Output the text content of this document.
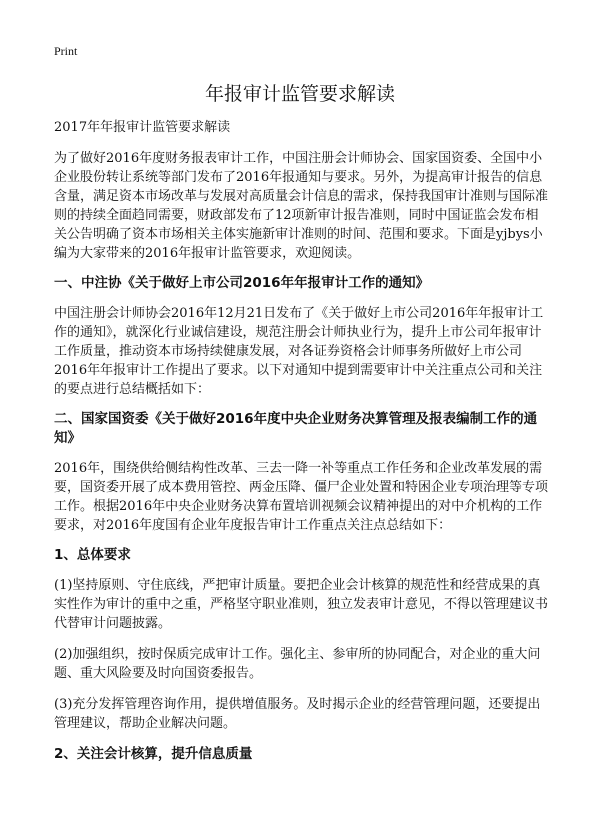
Print
年报审计监管要求解读

2017年年报审计监管要求解读

为了做好2016年度财务报表审计工作，中国注册会计师协会、国家国资委、全国中小企业股份转让系统等部门发布了2016年报通知与要求。另外，为提高审计报告的信息含量，满足资本市场改革与发展对高质量会计信息的需求，保持我国审计准则与国际准则的持续全面趋同需要，财政部发布了12项新审计报告准则，同时中国证监会发布相关公告明确了资本市场相关主体实施新审计准则的时间、范围和要求。下面是yjbys小编为大家带来的2016年报审计监管要求，欢迎阅读。

一、中注协《关于做好上市公司2016年年报审计工作的通知》

中国注册会计师协会2016年12月21日发布了《关于做好上市公司2016年年报审计工作的通知》，就深化行业诚信建设，规范注册会计师执业行为，提升上市公司年报审计工作质量，推动资本市场持续健康发展，对各证券资格会计师事务所做好上市公司2016年年报审计工作提出了要求。以下对通知中提到需要审计中关注重点公司和关注的要点进行总结概括如下：

二、国家国资委《关于做好2016年度中央企业财务决算管理及报表编制工作的通知》

2016年，围绕供给侧结构性改革、三去一降一补等重点工作任务和企业改革发展的需要，国资委开展了成本费用管控、两金压降、僵尸企业处置和特困企业专项治理等专项工作。根据2016年中央企业财务决算布置培训视频会议精神提出的对中介机构的工作要求，对2016年度国有企业年度报告审计工作重点关注点总结如下：

1、总体要求

(1)坚持原则、守住底线，严把审计质量。要把企业会计核算的规范性和经营成果的真实性作为审计的重中之重，严格坚守职业准则，独立发表审计意见，不得以管理建议书代替审计问题披露。

(2)加强组织，按时保质完成审计工作。强化主、参审所的协同配合，对企业的重大问题、重大风险要及时向国资委报告。

(3)充分发挥管理咨询作用，提供增值服务。及时揭示企业的经营管理问题，还要提出管理建议，帮助企业解决问题。

2、关注会计核算，提升信息质量
